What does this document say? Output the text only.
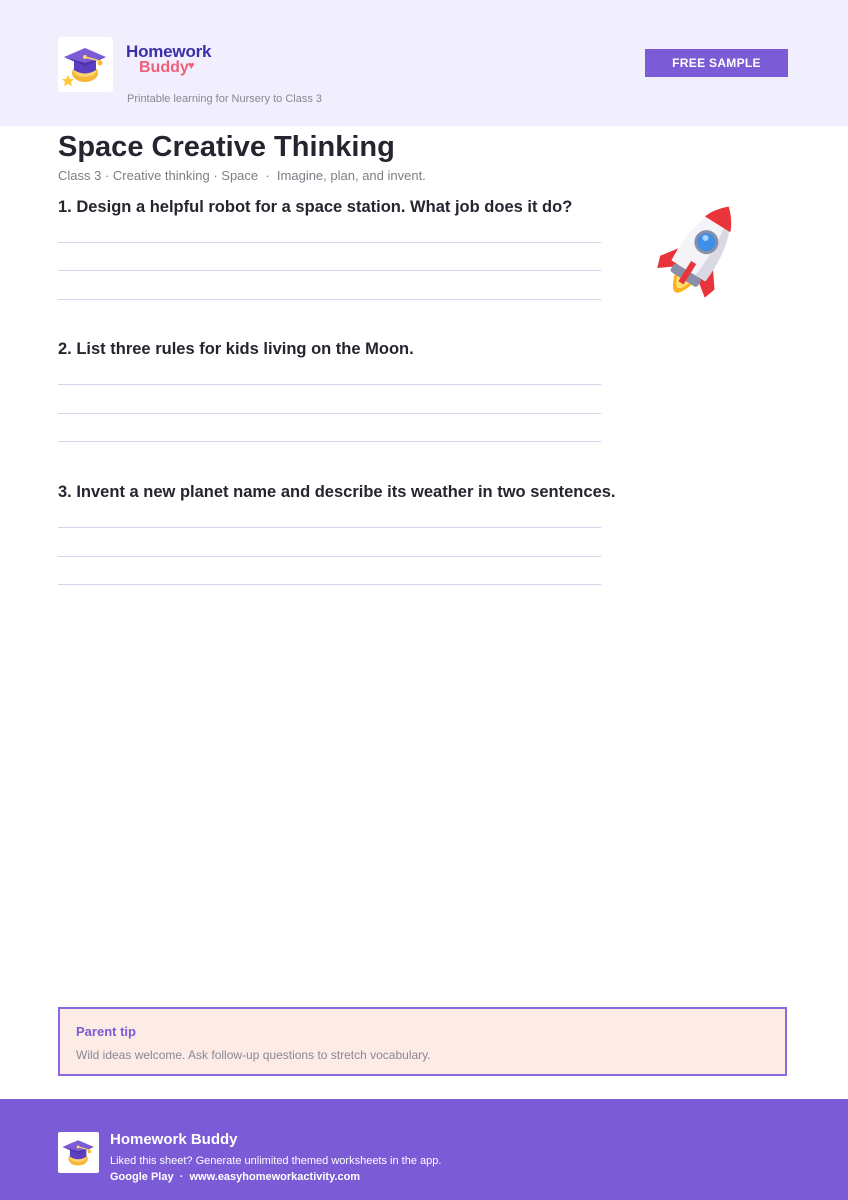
Homework
Buddy ♥
Printable learning for Nursery to Class 3
FREE SAMPLE
Space Creative Thinking
Class 3 · Creative thinking · Space  ·  Imagine, plan, and invent.
1. Design a helpful robot for a space station. What job does it do?
2. List three rules for kids living on the Moon.
3. Invent a new planet name and describe its weather in two sentences.
Parent tip
Wild ideas welcome. Ask follow-up questions to stretch vocabulary.
Homework Buddy
Liked this sheet? Generate unlimited themed worksheets in the app.
Google Play · www.easyhomeworkactivity.com
